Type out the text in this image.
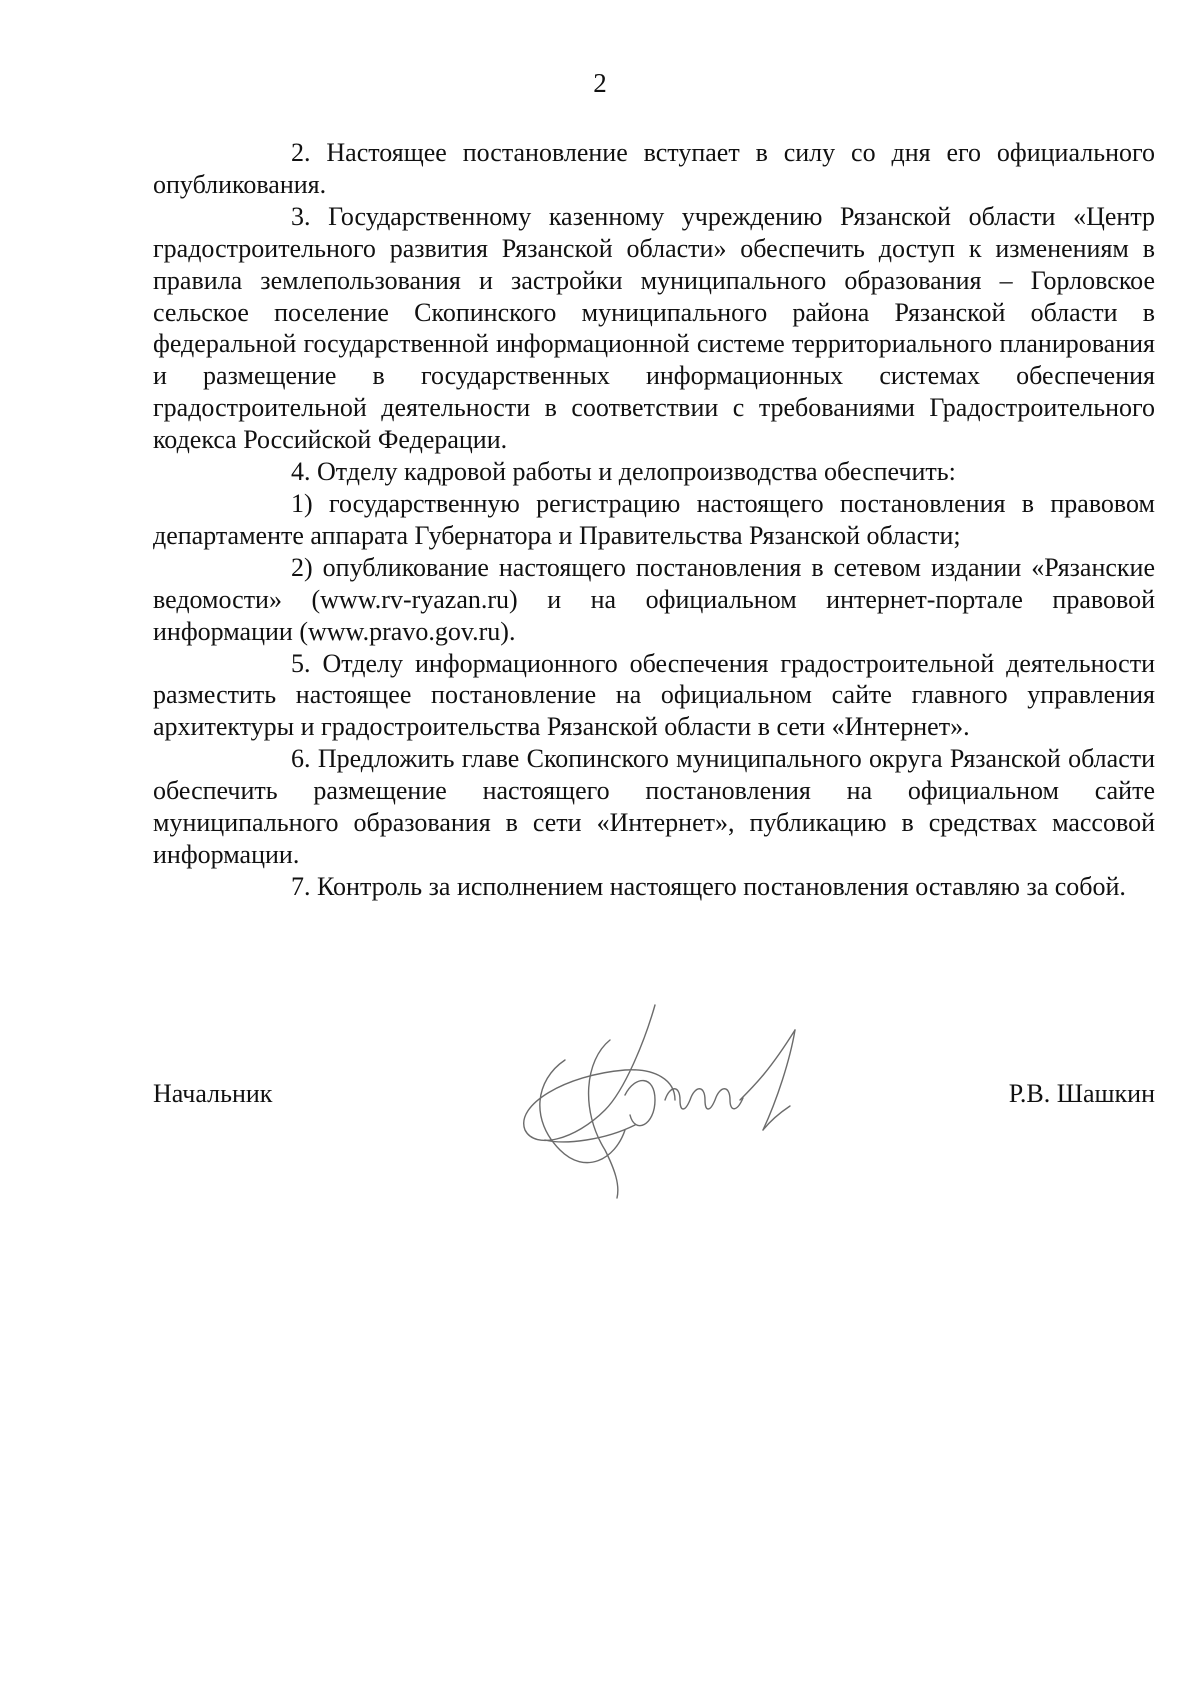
2

2. Настоящее постановление вступает в силу со дня его официального опубликования.

3. Государственному казенному учреждению Рязанской области «Центр градостроительного развития Рязанской области» обеспечить доступ к изменениям в правила землепользования и застройки муниципального образования – Горловское сельское поселение Скопинского муниципального района Рязанской области в федеральной государственной информационной системе территориального планирования и размещение в государственных информационных системах обеспечения градостроительной деятельности в соответствии с требованиями Градостроительного кодекса Российской Федерации.

4. Отделу кадровой работы и делопроизводства обеспечить:

1) государственную регистрацию настоящего постановления в правовом департаменте аппарата Губернатора и Правительства Рязанской области;

2) опубликование настоящего постановления в сетевом издании «Рязанские ведомости» (www.rv-ryazan.ru) и на официальном интернет-портале правовой информации (www.pravo.gov.ru).

5. Отделу информационного обеспечения градостроительной деятельности разместить настоящее постановление на официальном сайте главного управления архитектуры и градостроительства Рязанской области в сети «Интернет».

6. Предложить главе Скопинского муниципального округа Рязанской области обеспечить размещение настоящего постановления на официальном сайте муниципального образования в сети «Интернет», публикацию в средствах массовой информации.

7. Контроль за исполнением настоящего постановления оставляю за собой.

Начальник	Р.В. Шашкин
